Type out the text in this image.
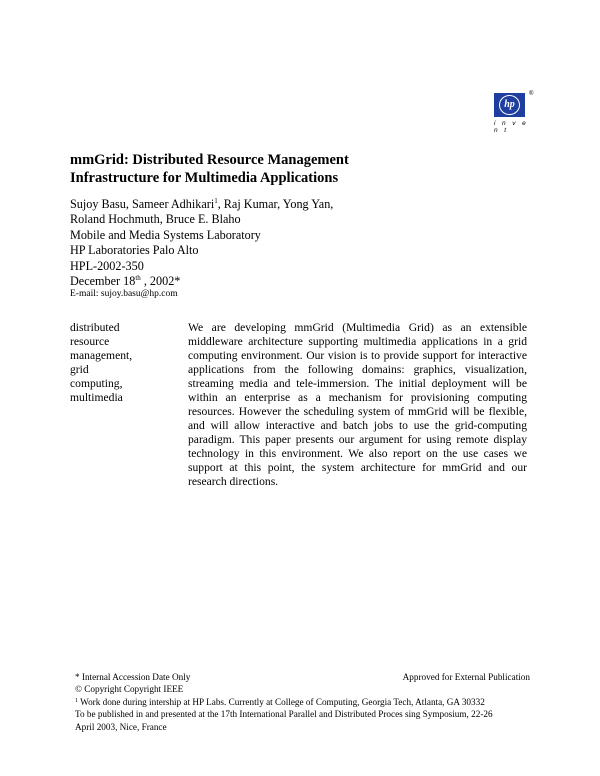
hp
®
i n v e n t
mmGrid: Distributed Resource Management
Infrastructure for Multimedia Applications
Sujoy Basu, Sameer Adhikari$^1$, Raj Kumar, Yong Yan,
Roland Hochmuth, Bruce E. Blaho
Mobile and Media Systems Laboratory
HP Laboratories Palo Alto
HPL-2002-350
December 18th , 2002*
E-mail: sujoy.basu@hp.com
distributed
resource
management,
grid
computing,
multimedia

We are developing mmGrid (Multimedia Grid) as an extensible middleware architecture supporting multimedia applications in a grid computing environment. Our vision is to provide support for interactive applications from the following domains: graphics, visualization, streaming media and tele-immersion. The initial deployment will be within an enterprise as a mechanism for provisioning computing resources. However the scheduling system of mmGrid will be flexible, and will allow interactive and batch jobs to use the grid-computing paradigm. This paper presents our argument for using remote display technology in this environment. We also report on the use cases we support at this point, the system architecture for mmGrid and our research directions.

* Internal Accession Date Only	Approved for External Publication
© Copyright Copyright IEEE
$^1$ Work done during intership at HP Labs. Currently at College of Computing, Georgia Tech, Atlanta, GA 30332
To be published in and presented at the 17th International Parallel and Distributed Proces sing Symposium, 22-26
April 2003, Nice, France
